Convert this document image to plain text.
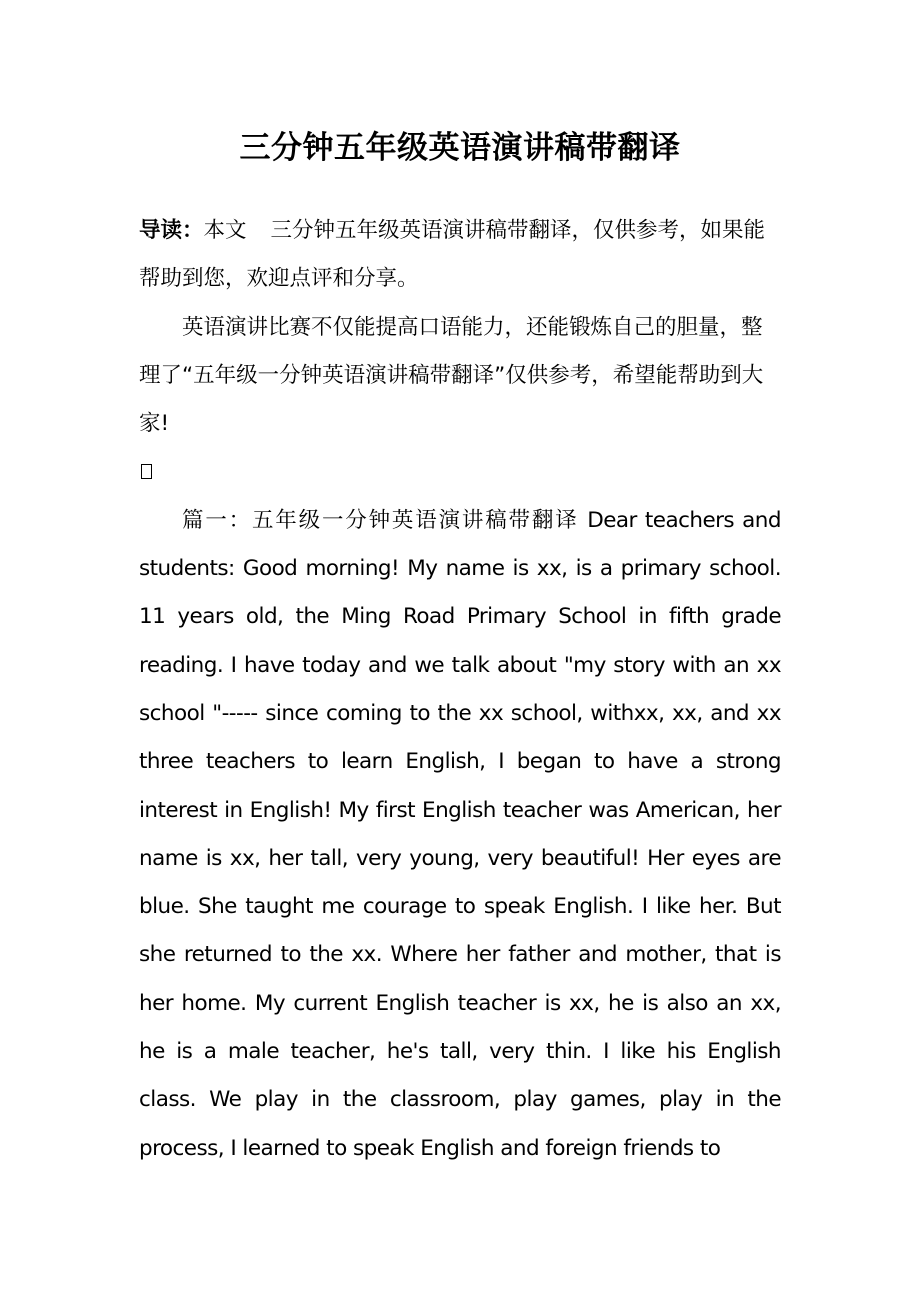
三分钟五年级英语演讲稿带翻译

导读：本文 三分钟五年级英语演讲稿带翻译，仅供参考，如果能帮助到您，欢迎点评和分享。

英语演讲比赛不仅能提高口语能力，还能锻炼自己的胆量，整理了“五年级一分钟英语演讲稿带翻译”仅供参考，希望能帮助到大家!

篇一：五年级一分钟英语演讲稿带翻译 Dear teachers and students: Good morning! My name is xx, is a primary school. 11 years old, the Ming Road Primary School in fifth grade reading. I have today and we talk about "my story with an xx school "----- since coming to the xx school, withxx, xx, and xx three teachers to learn English, I began to have a strong interest in English! My first English teacher was American, her name is xx, her tall, very young, very beautiful! Her eyes are blue. She taught me courage to speak English. I like her. But she returned to the xx. Where her father and mother, that is her home. My current English teacher is xx, he is also an xx, he is a male teacher, he's tall, very thin. I like his English class. We play in the classroom, play games, play in the process, I learned to speak English and foreign friends to
